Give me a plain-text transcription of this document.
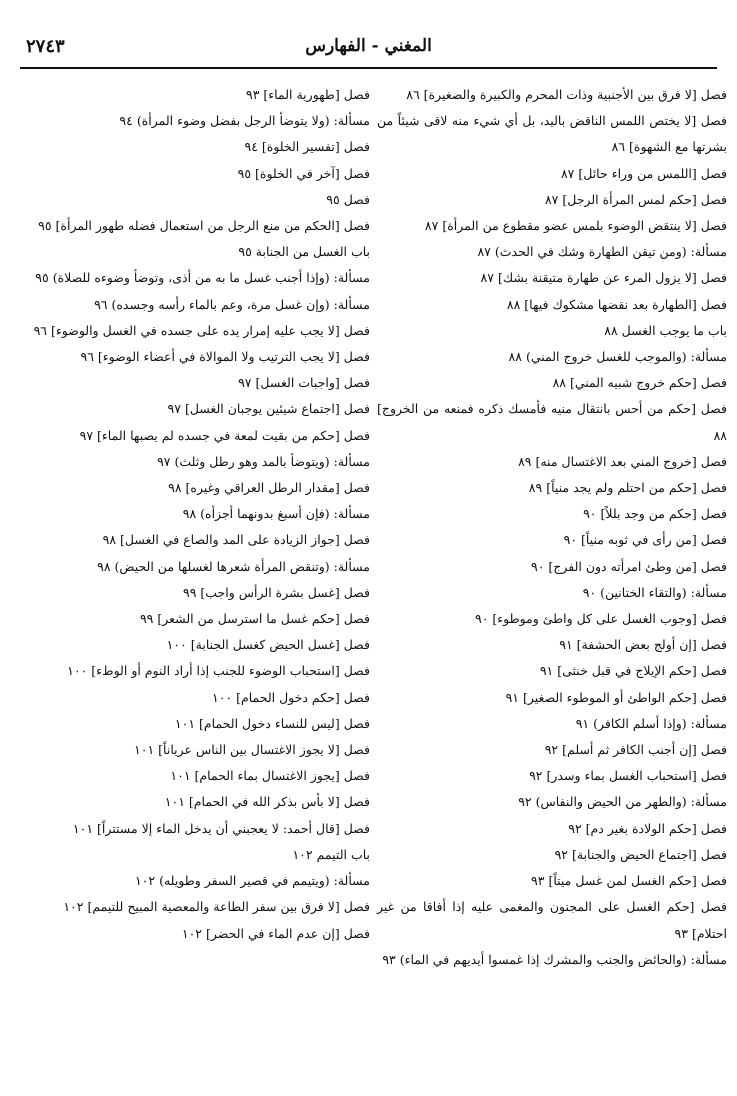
المغني - الفهارس
٢٧٤٣
فصل [لا فرق بين الأجنبية وذات المحرم والكبيرة والصغيرة] ٨٦
فصل [لا يختص اللمس الناقض باليد، بل أي شيء منه لاقى شيئاً من بشرتها مع الشهوة] ٨٦
فصل [اللمس من وراء حائل] ٨٧
فصل [حكم لمس المرأة الرجل] ٨٧
فصل [لا ينتقض الوضوء بلمس عضو مقطوع من المرأة] ٨٧
مسألة: (ومن تيقن الطهارة وشك في الحدث) ٨٧
فصل [لا يزول المرء عن طهارة متيقنة بشك] ٨٧
فصل [الطهارة بعد نقضها مشكوك فيها] ٨٨
باب ما يوجب الغسل ٨٨
مسألة: (والموجب للغسل خروج المني) ٨٨
فصل [حكم خروج شبيه المني] ٨٨
فصل [حكم من أحس بانتقال منيه فأمسك ذكره فمنعه من الخروج] ٨٨
فصل [خروج المني بعد الاغتسال منه] ٨٩
فصل [حكم من احتلم ولم يجد منياً] ٨٩
فصل [حكم من وجد بللاً] ٩٠
فصل [من رأى في ثوبه منياً] ٩٠
فصل [من وطئ امرأته دون الفرج] ٩٠
مسألة: (والتقاء الختانين) ٩٠
فصل [وجوب الغسل على كل واطئ وموطوء] ٩٠
فصل [إن أولج بعض الحشفة] ٩١
فصل [حكم الإيلاج في قبل خنثى] ٩١
فصل [حكم الواطئ أو الموطوء الصغير] ٩١
مسألة: (وإذا أسلم الكافر) ٩١
فصل [إن أجنب الكافر ثم أسلم] ٩٢
فصل [استحباب الغسل بماء وسدر] ٩٢
مسألة: (والطهر من الحيض والنفاس) ٩٢
فصل [حكم الولادة بغير دم] ٩٢
فصل [اجتماع الحيض والجنابة] ٩٢
فصل [حكم الغسل لمن غسل ميتاً] ٩٣
فصل [حكم الغسل على المجنون والمغمى عليه إذا أفاقا من غير احتلام] ٩٣
مسألة: (والحائض والجنب والمشرك إذا غمسوا أيديهم في الماء) ٩٣
فصل [طهورية الماء] ٩٣
مسألة: (ولا يتوضأ الرجل بفضل وضوء المرأة) ٩٤
فصل [تفسير الخلوة] ٩٤
فصل [آخر في الخلوة] ٩٥
فصل ٩٥
فصل [الحكم من منع الرجل من استعمال فضله طهور المرأة] ٩٥
باب الغسل من الجنابة ٩٥
مسألة: (وإذا أجنب غسل ما به من أذى، وتوضأ وضوءه للصلاة) ٩٥
مسألة: (وإن غسل مرة، وعم بالماء رأسه وجسده) ٩٦
فصل [لا يجب عليه إمرار يده على جسده في الغسل والوضوء] ٩٦
فصل [لا يجب الترتيب ولا الموالاة في أعضاء الوضوء] ٩٦
فصل [واجبات الغسل] ٩٧
فصل [اجتماع شيئين يوجبان الغسل] ٩٧
فصل [حكم من بقيت لمعة في جسده لم يصبها الماء] ٩٧
مسألة: (ويتوضأ بالمد وهو رطل وثلث) ٩٧
فصل [مقدار الرطل العراقي وغيره] ٩٨
مسألة: (فإن أسبغ بدونهما أجزأه) ٩٨
فصل [جواز الزيادة على المد والصاع في الغسل] ٩٨
مسألة: (وتنقض المرأة شعرها لغسلها من الحيض) ٩٨
فصل [غسل بشرة الرأس واجب] ٩٩
فصل [حكم غسل ما استرسل من الشعر] ٩٩
فصل [غسل الحيض كغسل الجنابة] ١٠٠
فصل [استحباب الوضوء للجنب إذا أراد النوم أو الوطء] ١٠٠
فصل [حكم دخول الحمام] ١٠٠
فصل [ليس للنساء دخول الحمام] ١٠١
فصل [لا يجوز الاغتسال بين الناس عرياناً] ١٠١
فصل [يجوز الاغتسال بماء الحمام] ١٠١
فصل [لا بأس بذكر الله في الحمام] ١٠١
فصل [قال أحمد: لا يعجبني أن يدخل الماء إلا مستتراً] ١٠١
باب التيمم ١٠٢
مسألة: (ويتيمم في قصير السفر وطويله) ١٠٢
فصل [لا فرق بين سفر الطاعة والمعصية المبيح للتيمم] ١٠٢
فصل [إن عدم الماء في الحضر] ١٠٢
